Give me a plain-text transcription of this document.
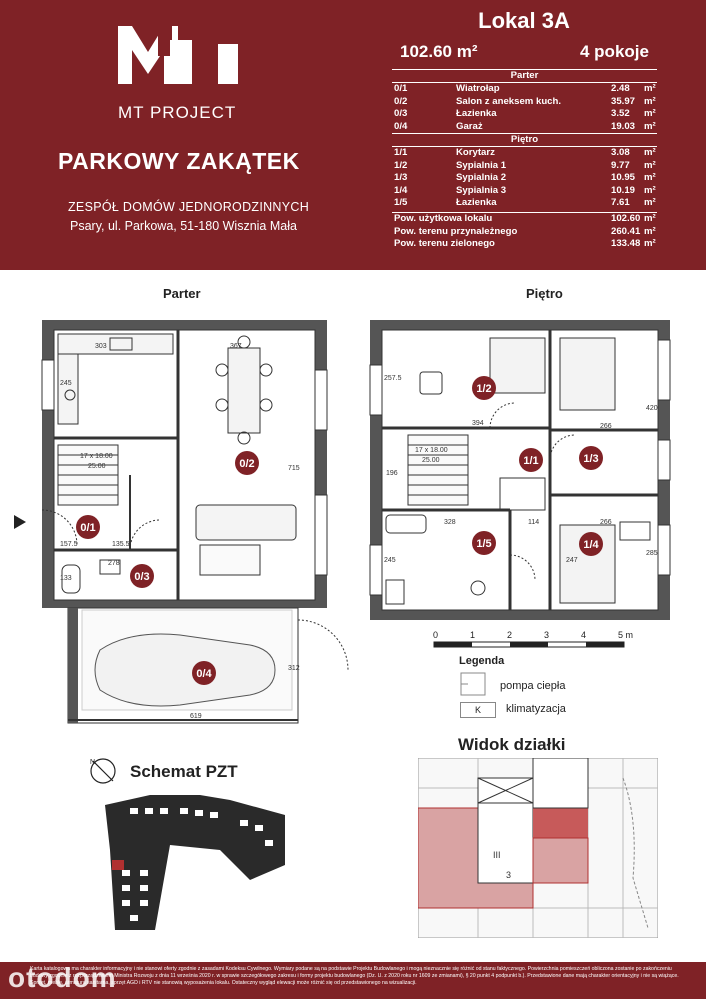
MT PROJECT
PARKOWY ZAKĄTEK
ZESPÓŁ DOMÓW JEDNORODZINNYCH
Psary, ul. Parkowa, 51-180 Wisznia Mała
Lokal 3A
102.60 m²	4 pokoje
Parter
0/1	Wiatrołap	2.48 m²
0/2	Salon z aneksem kuch.	35.97 m²
0/3	Łazienka	3.52 m²
0/4	Garaż	19.03 m²
Piętro
1/1	Korytarz	3.08 m²
1/2	Sypialnia 1	9.77 m²
1/3	Sypialnia 2	10.95 m²
1/4	Sypialnia 3	10.19 m²
1/5	Łazienka	7.61 m²
Pow. użytkowa lokalu	102.60 m²
Pow. terenu przynależnego	260.41 m²
Pow. terenu zielonego	133.48 m²
Parter	Piętro
303	367
245
715
17 x 18.00
25.00
157.5	135.5
278
133
312
619
0/1
0/2
0/3
0/4
257.5
394	266
420
196
17 x 18.00
25.00
328	114	266
245	247
285
1/1
1/2
1/3
1/4
1/5
0	1	2	3	4	5 m
Legenda
pompa ciepła
K	klimatyzacja
N Schemat PZT
Widok działki
III
3

Karta katalogowa ma charakter informacyjny i nie stanowi oferty zgodnie z zasadami Kodeksu Cywilnego. Wymiary podane są na podstawie Projektu Budowlanego i mogą nieznacznie się różnić od stanu faktycznego. Powierzchnia pomieszczeń obliczona zostanie po zakończeniu budowy zgodnie z rozporządzeniem Ministra Rozwoju z dnia 11 września 2020 r. w sprawie szczegółowego zakresu i formy projektu budowlanego (Dz. U. z 2020 roku nr 1609 ze zmianami), § 20 punkt 4 podpunkt b.). Przedstawione dane mają charakter orientacyjny i nie są wiążące. Sprzęt, meble, armatura sanitarna, sprzęt AGD i RTV nie stanowią wyposażenia lokalu. Ostateczny wygląd elewacji może różnić się od przedstawionego na wizualizacji.

otodom
